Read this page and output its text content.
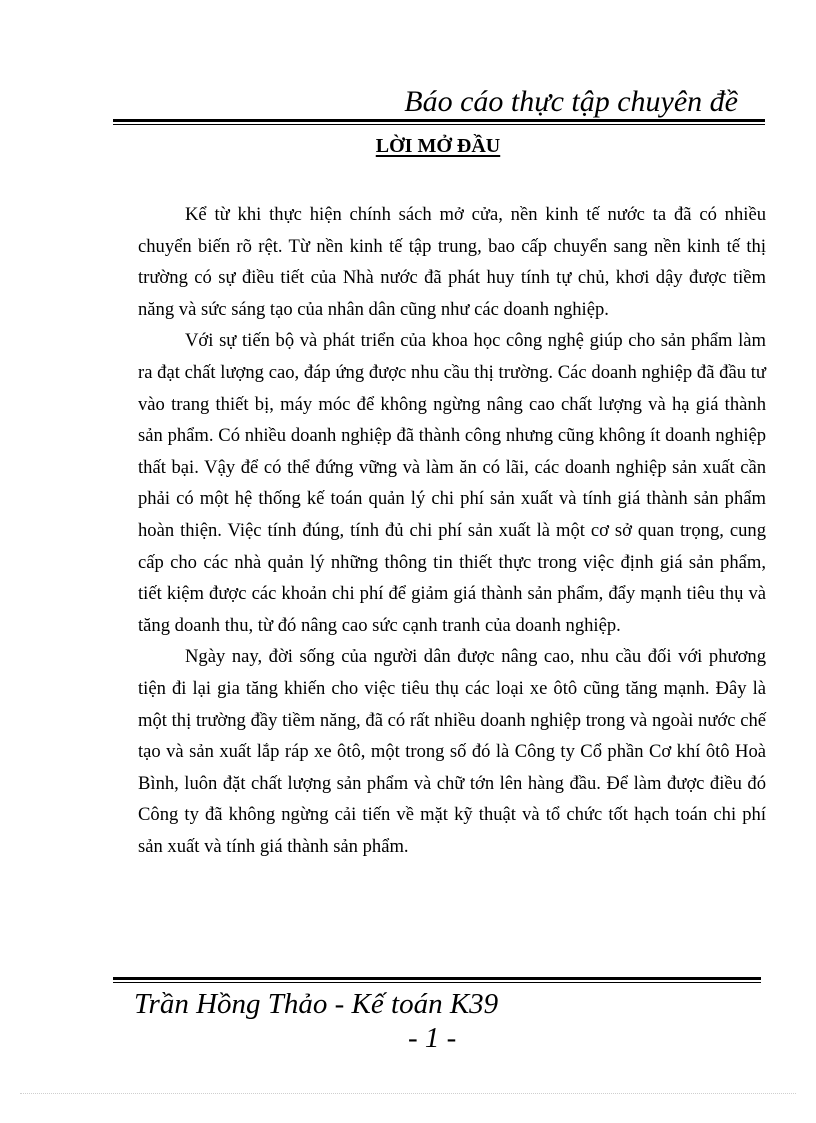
Báo cáo thực tập chuyên đề
LỜI MỞ ĐẦU

Kể từ khi thực hiện chính sách mở cửa, nền kinh tế nước ta đã có nhiều chuyển biến rõ rệt. Từ nền kinh tế tập trung, bao cấp chuyển sang nền kinh tế thị trường có sự điều tiết của Nhà nước đã phát huy tính tự chủ, khơi dậy được tiềm năng và sức sáng tạo của nhân dân cũng như các doanh nghiệp.

Với sự tiến bộ và phát triển của khoa học công nghệ giúp cho sản phẩm làm ra đạt chất lượng cao, đáp ứng được nhu cầu thị trường. Các doanh nghiệp đã đầu tư vào trang thiết bị, máy móc để không ngừng nâng cao chất lượng và hạ giá thành sản phẩm. Có nhiều doanh nghiệp đã thành công nhưng cũng không ít doanh nghiệp thất bại. Vậy để có thể đứng vững và làm ăn có lãi, các doanh nghiệp sản xuất cần phải có một hệ thống kế toán quản lý chi phí sản xuất và tính giá thành sản phẩm hoàn thiện. Việc tính đúng, tính đủ chi phí sản xuất là một cơ sở quan trọng, cung cấp cho các nhà quản lý những thông tin thiết thực trong việc định giá sản phẩm, tiết kiệm được các khoản chi phí để giảm giá thành sản phẩm, đẩy mạnh tiêu thụ và tăng doanh thu, từ đó nâng cao sức cạnh tranh của doanh nghiệp.

Ngày nay, đời sống của người dân được nâng cao, nhu cầu đối với phương tiện đi lại gia tăng khiến cho việc tiêu thụ các loại xe ôtô cũng tăng mạnh. Đây là một thị trường đầy tiềm năng, đã có rất nhiều doanh nghiệp trong và ngoài nước chế tạo và sản xuất lắp ráp xe ôtô, một trong số đó là Công ty Cổ phần Cơ khí ôtô Hoà Bình, luôn đặt chất lượng sản phẩm và chữ tớn lên hàng đầu. Để làm được điều đó Công ty đã không ngừng cải tiến về mặt kỹ thuật và tổ chức tốt hạch toán chi phí sản xuất và tính giá thành sản phẩm.

Trần Hồng Thảo - Kế toán K39
- 1 -
